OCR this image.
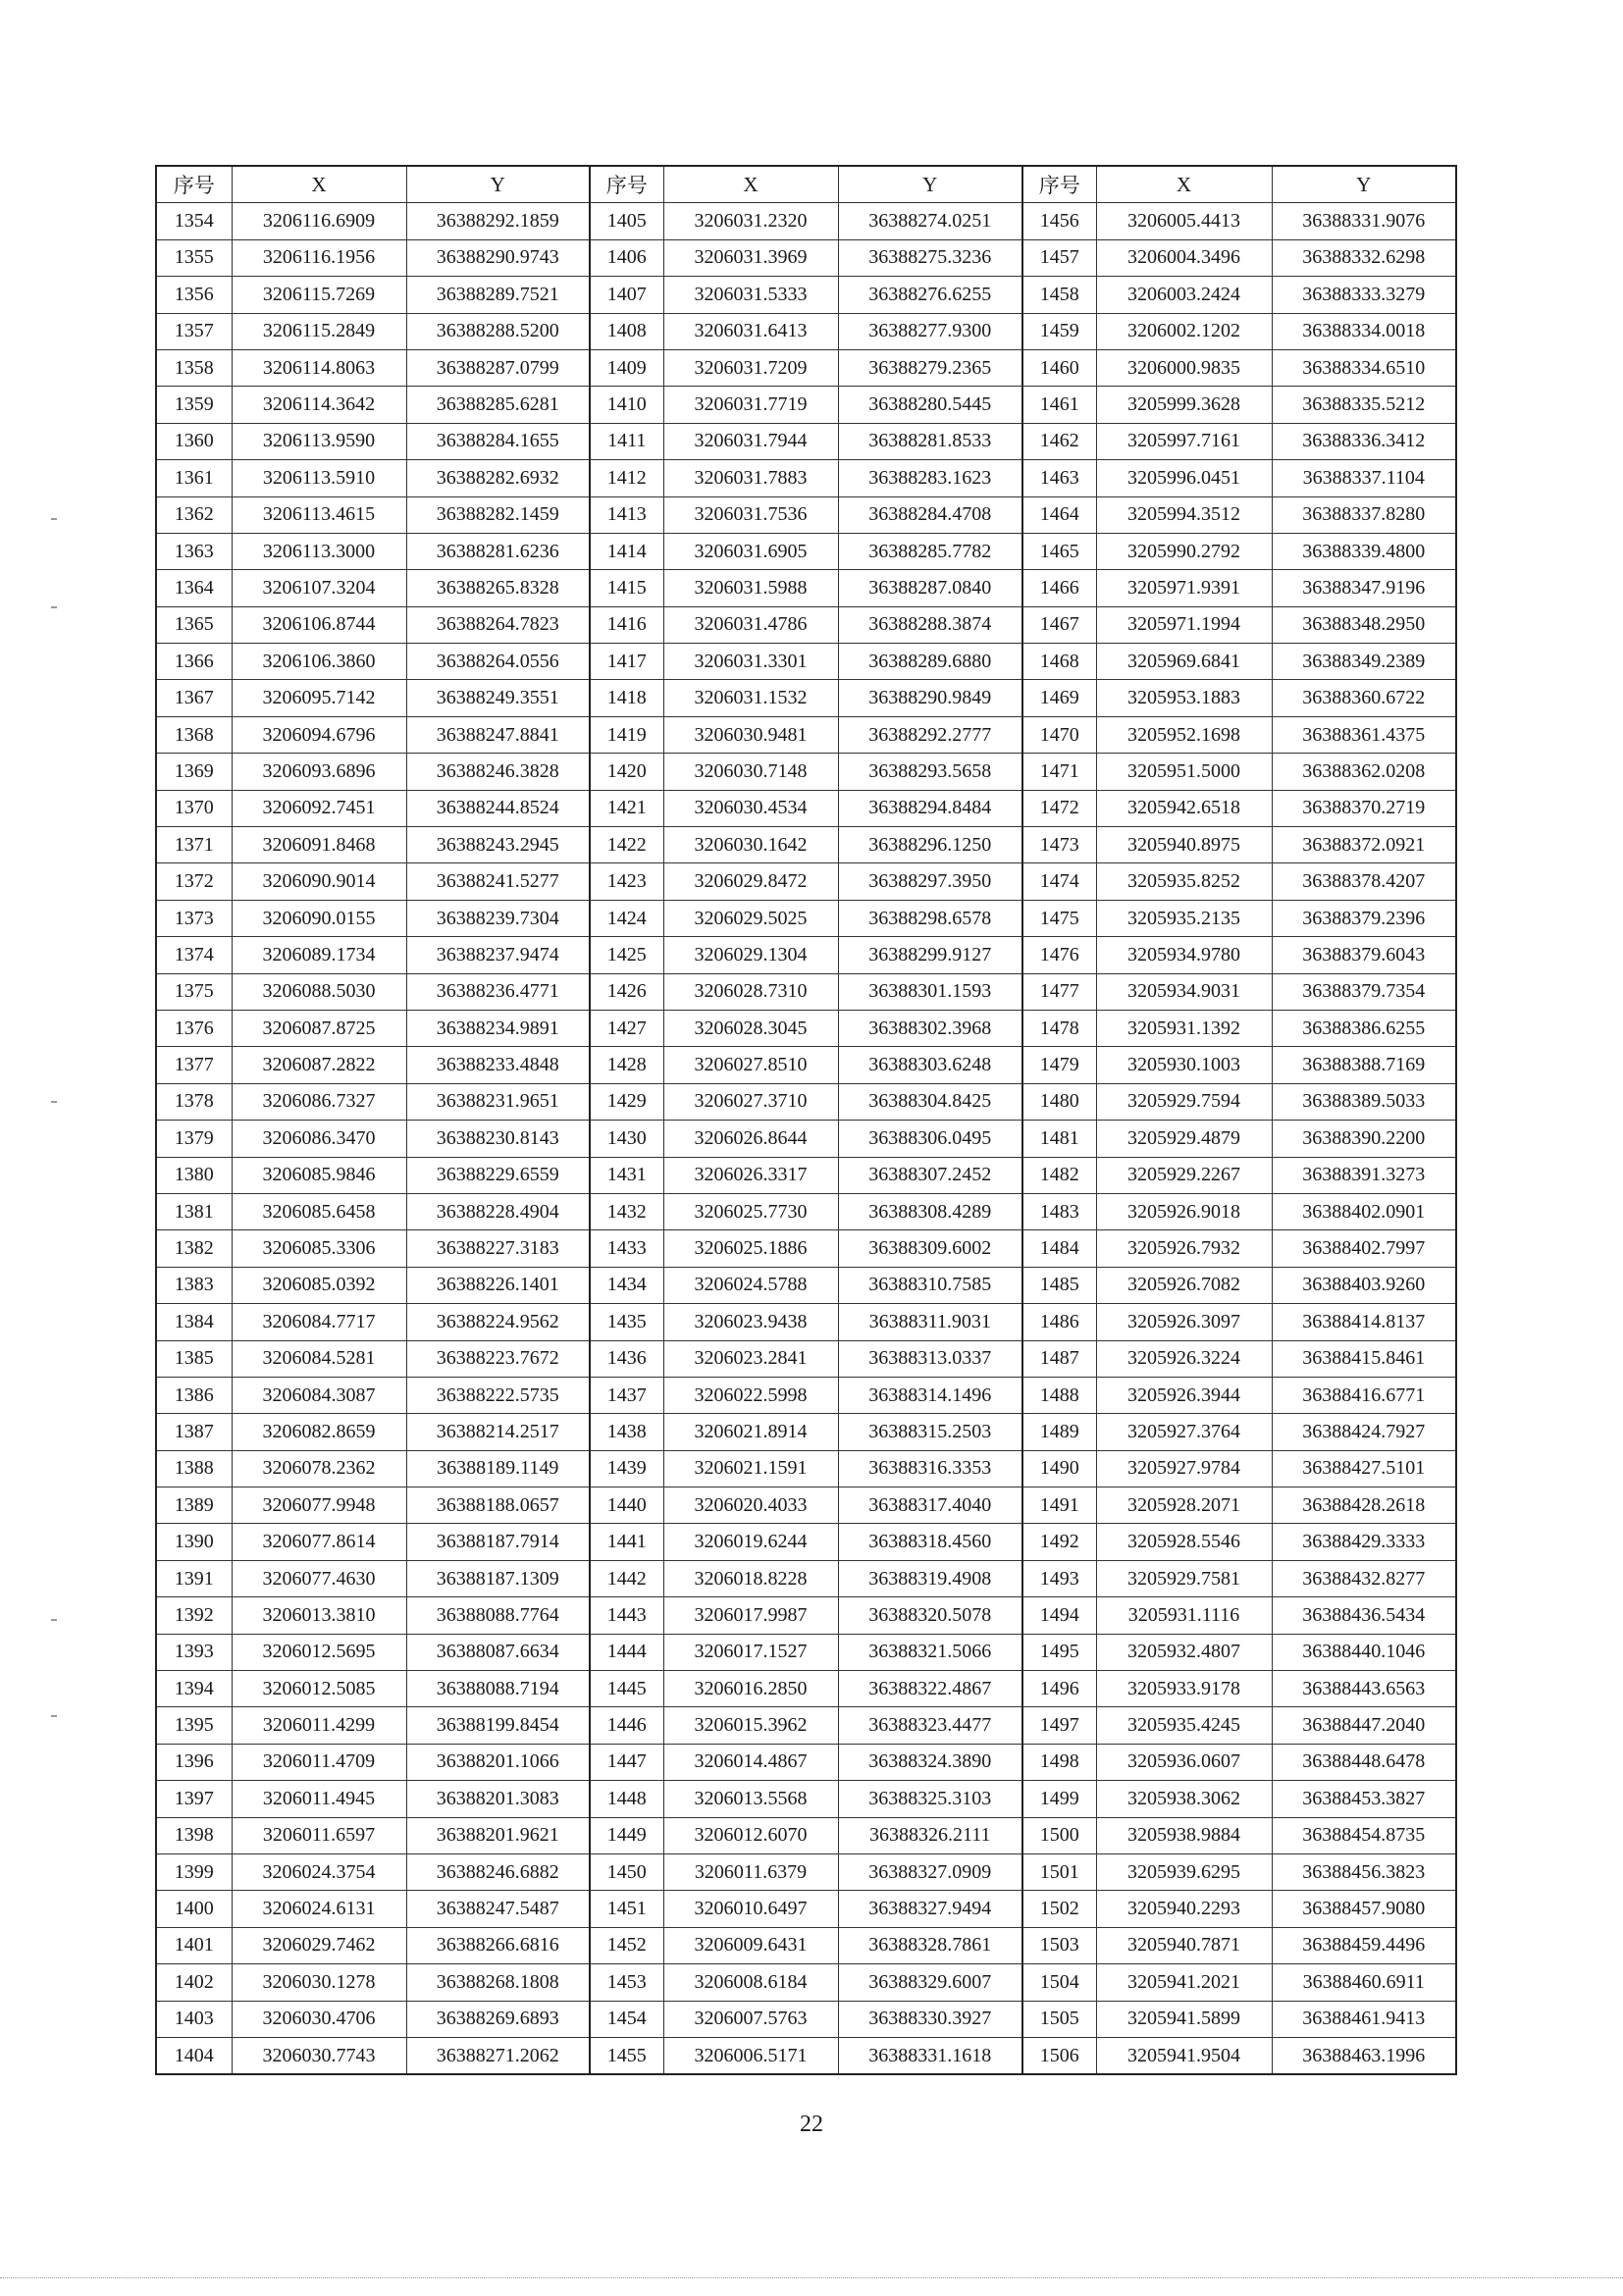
序号	X	Y	序号	X	Y	序号	X	Y
1354	3206116.6909	36388292.1859	1405	3206031.2320	36388274.0251	1456	3206005.4413	36388331.9076
1355	3206116.1956	36388290.9743	1406	3206031.3969	36388275.3236	1457	3206004.3496	36388332.6298
1356	3206115.7269	36388289.7521	1407	3206031.5333	36388276.6255	1458	3206003.2424	36388333.3279
1357	3206115.2849	36388288.5200	1408	3206031.6413	36388277.9300	1459	3206002.1202	36388334.0018
1358	3206114.8063	36388287.0799	1409	3206031.7209	36388279.2365	1460	3206000.9835	36388334.6510
1359	3206114.3642	36388285.6281	1410	3206031.7719	36388280.5445	1461	3205999.3628	36388335.5212
1360	3206113.9590	36388284.1655	1411	3206031.7944	36388281.8533	1462	3205997.7161	36388336.3412
1361	3206113.5910	36388282.6932	1412	3206031.7883	36388283.1623	1463	3205996.0451	36388337.1104
1362	3206113.4615	36388282.1459	1413	3206031.7536	36388284.4708	1464	3205994.3512	36388337.8280
1363	3206113.3000	36388281.6236	1414	3206031.6905	36388285.7782	1465	3205990.2792	36388339.4800
1364	3206107.3204	36388265.8328	1415	3206031.5988	36388287.0840	1466	3205971.9391	36388347.9196
1365	3206106.8744	36388264.7823	1416	3206031.4786	36388288.3874	1467	3205971.1994	36388348.2950
1366	3206106.3860	36388264.0556	1417	3206031.3301	36388289.6880	1468	3205969.6841	36388349.2389
1367	3206095.7142	36388249.3551	1418	3206031.1532	36388290.9849	1469	3205953.1883	36388360.6722
1368	3206094.6796	36388247.8841	1419	3206030.9481	36388292.2777	1470	3205952.1698	36388361.4375
1369	3206093.6896	36388246.3828	1420	3206030.7148	36388293.5658	1471	3205951.5000	36388362.0208
1370	3206092.7451	36388244.8524	1421	3206030.4534	36388294.8484	1472	3205942.6518	36388370.2719
1371	3206091.8468	36388243.2945	1422	3206030.1642	36388296.1250	1473	3205940.8975	36388372.0921
1372	3206090.9014	36388241.5277	1423	3206029.8472	36388297.3950	1474	3205935.8252	36388378.4207
1373	3206090.0155	36388239.7304	1424	3206029.5025	36388298.6578	1475	3205935.2135	36388379.2396
1374	3206089.1734	36388237.9474	1425	3206029.1304	36388299.9127	1476	3205934.9780	36388379.6043
1375	3206088.5030	36388236.4771	1426	3206028.7310	36388301.1593	1477	3205934.9031	36388379.7354
1376	3206087.8725	36388234.9891	1427	3206028.3045	36388302.3968	1478	3205931.1392	36388386.6255
1377	3206087.2822	36388233.4848	1428	3206027.8510	36388303.6248	1479	3205930.1003	36388388.7169
1378	3206086.7327	36388231.9651	1429	3206027.3710	36388304.8425	1480	3205929.7594	36388389.5033
1379	3206086.3470	36388230.8143	1430	3206026.8644	36388306.0495	1481	3205929.4879	36388390.2200
1380	3206085.9846	36388229.6559	1431	3206026.3317	36388307.2452	1482	3205929.2267	36388391.3273
1381	3206085.6458	36388228.4904	1432	3206025.7730	36388308.4289	1483	3205926.9018	36388402.0901
1382	3206085.3306	36388227.3183	1433	3206025.1886	36388309.6002	1484	3205926.7932	36388402.7997
1383	3206085.0392	36388226.1401	1434	3206024.5788	36388310.7585	1485	3205926.7082	36388403.9260
1384	3206084.7717	36388224.9562	1435	3206023.9438	36388311.9031	1486	3205926.3097	36388414.8137
1385	3206084.5281	36388223.7672	1436	3206023.2841	36388313.0337	1487	3205926.3224	36388415.8461
1386	3206084.3087	36388222.5735	1437	3206022.5998	36388314.1496	1488	3205926.3944	36388416.6771
1387	3206082.8659	36388214.2517	1438	3206021.8914	36388315.2503	1489	3205927.3764	36388424.7927
1388	3206078.2362	36388189.1149	1439	3206021.1591	36388316.3353	1490	3205927.9784	36388427.5101
1389	3206077.9948	36388188.0657	1440	3206020.4033	36388317.4040	1491	3205928.2071	36388428.2618
1390	3206077.8614	36388187.7914	1441	3206019.6244	36388318.4560	1492	3205928.5546	36388429.3333
1391	3206077.4630	36388187.1309	1442	3206018.8228	36388319.4908	1493	3205929.7581	36388432.8277
1392	3206013.3810	36388088.7764	1443	3206017.9987	36388320.5078	1494	3205931.1116	36388436.5434
1393	3206012.5695	36388087.6634	1444	3206017.1527	36388321.5066	1495	3205932.4807	36388440.1046
1394	3206012.5085	36388088.7194	1445	3206016.2850	36388322.4867	1496	3205933.9178	36388443.6563
1395	3206011.4299	36388199.8454	1446	3206015.3962	36388323.4477	1497	3205935.4245	36388447.2040
1396	3206011.4709	36388201.1066	1447	3206014.4867	36388324.3890	1498	3205936.0607	36388448.6478
1397	3206011.4945	36388201.3083	1448	3206013.5568	36388325.3103	1499	3205938.3062	36388453.3827
1398	3206011.6597	36388201.9621	1449	3206012.6070	36388326.2111	1500	3205938.9884	36388454.8735
1399	3206024.3754	36388246.6882	1450	3206011.6379	36388327.0909	1501	3205939.6295	36388456.3823
1400	3206024.6131	36388247.5487	1451	3206010.6497	36388327.9494	1502	3205940.2293	36388457.9080
1401	3206029.7462	36388266.6816	1452	3206009.6431	36388328.7861	1503	3205940.7871	36388459.4496
1402	3206030.1278	36388268.1808	1453	3206008.6184	36388329.6007	1504	3205941.2021	36388460.6911
1403	3206030.4706	36388269.6893	1454	3206007.5763	36388330.3927	1505	3205941.5899	36388461.9413
1404	3206030.7743	36388271.2062	1455	3206006.5171	36388331.1618	1506	3205941.9504	36388463.1996
22
